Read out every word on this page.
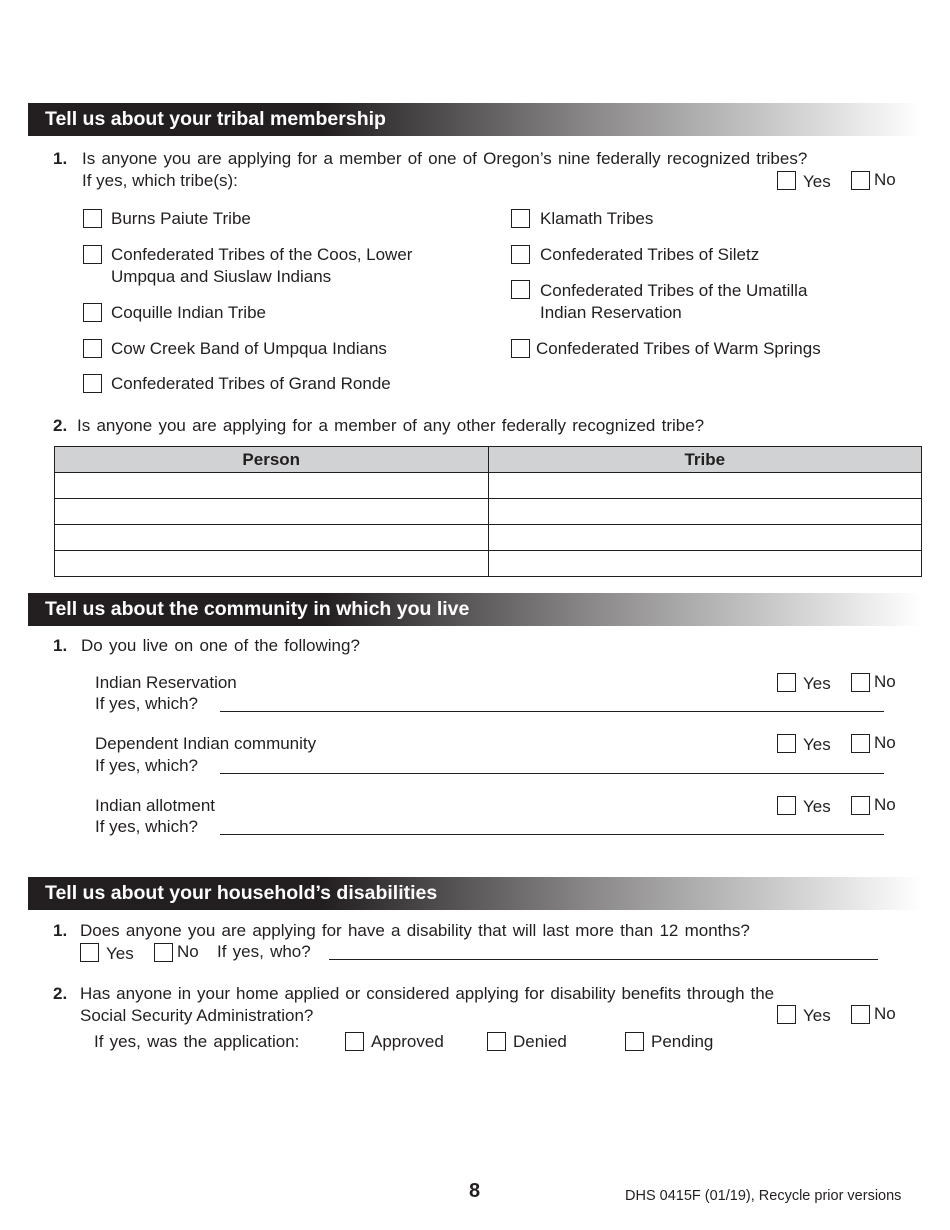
Tell us about your tribal membership
1. Is anyone you are applying for a member of one of Oregon’s nine federally recognized tribes?
If yes, which tribe(s):	Yes	No
Burns Paiute Tribe
Confederated Tribes of the Coos, Lower
Umpqua and Siuslaw Indians
Coquille Indian Tribe
Cow Creek Band of Umpqua Indians
Confederated Tribes of Grand Ronde
Klamath Tribes
Confederated Tribes of Siletz
Confederated Tribes of the Umatilla
Indian Reservation
Confederated Tribes of Warm Springs
2. Is anyone you are applying for a member of any other federally recognized tribe?
Person	Tribe

Tell us about the community in which you live
1. Do you live on one of the following?
Indian Reservation	Yes	No
If yes, which?
Dependent Indian community	Yes	No
If yes, which?
Indian allotment	Yes	No
If yes, which?
Tell us about your household’s disabilities
1. Does anyone you are applying for have a disability that will last more than 12 months?
Yes	No If yes, who?
2. Has anyone in your home applied or considered applying for disability benefits through the
Social Security Administration?	Yes	No
If yes, was the application:	Approved	Denied	Pending
8	DHS 0415F (01/19), Recycle prior versions
